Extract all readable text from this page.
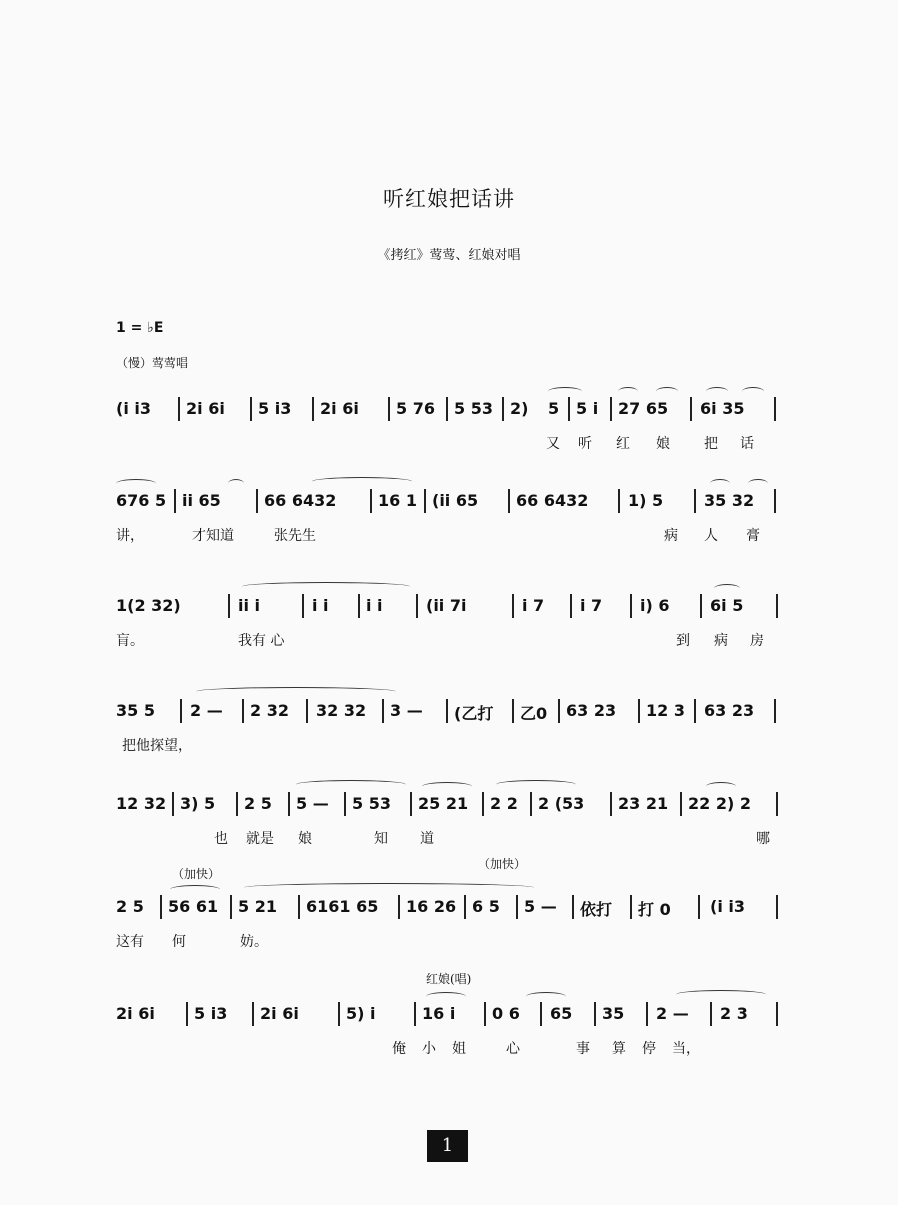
听红娘把话讲
《拷红》莺莺、红娘对唱
1 = ♭E
（慢）莺莺唱
(i i3 2i 6i 5 i3 2i 6i 5 76 5 53 2) 5 5 i 27 65 6i 35
又 听 红 娘 把 话
676 5 ii 65	66 6432	16 1 (ii 65 66 6432 1) 5	35 32
讲，	才知道	张先生	病 人 膏
1(2 32)	ii i	i i i i	(ii 7i	i 7 i 7 i) 6	6i 5
肓。	我有 心	到 病 房
35 5 2 — 2 32 32 32 3 — (乙打 乙0 63 23 12 3 63 23
把他探望，
12 32 3) 5 2 5 5 — 5 53 25 21 2 2 2 (53 23 21 22 2) 2
也 就是 娘	知 道	哪
（加快）
（加快）
2 5 56 61 5 21 6161 65 16 26 6 5 5 — 依打 打 0 (i i3
这有 何	妨。
红娘(唱)
2i 6i 5 i3 2i 6i	5) i	16 i 0 6 65 35 2 — 2 3
俺 小 姐	心	事 算 停 当，
1
